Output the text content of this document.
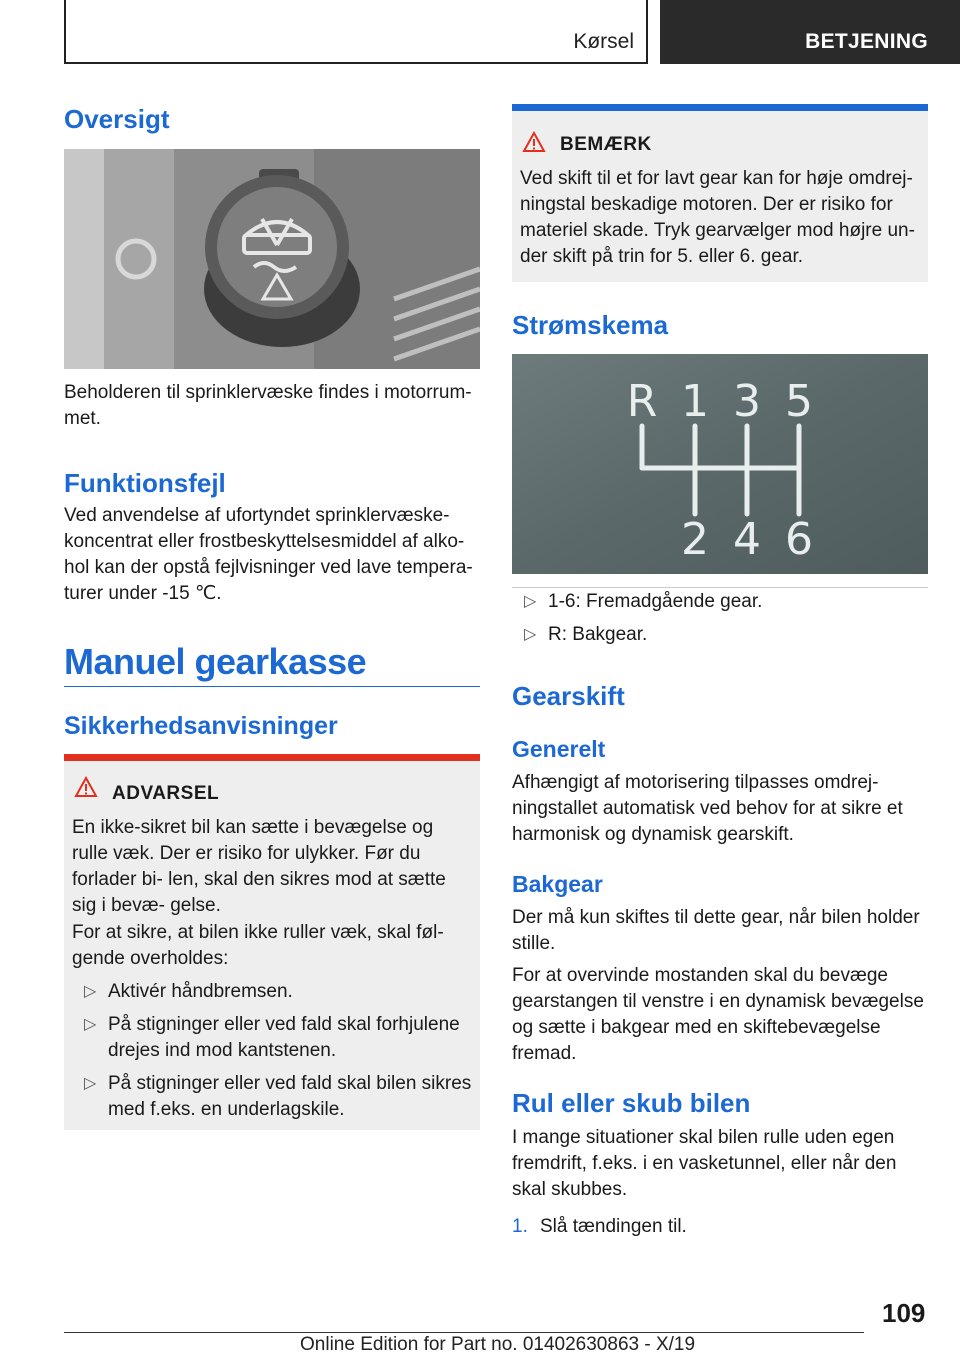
Kørsel	BETJENING
Oversigt
Beholderen til sprinklervæske findes i motorrum- met.
Funktionsfejl
Ved anvendelse af ufortyndet sprinklervæske- koncentrat eller frostbeskyttelsesmiddel af alko- hol kan der opstå fejlvisninger ved lave tempera- turer under -15 ℃.
Manuel gearkasse
Sikkerhedsanvisninger
ADVARSEL
En ikke-sikret bil kan sætte i bevægelse og rulle væk. Der er risiko for ulykker. Før du forlader bi- len, skal den sikres mod at sætte sig i bevæ- gelse.
For at sikre, at bilen ikke ruller væk, skal føl- gende overholdes:
▷ Aktivér håndbremsen.
▷ På stigninger eller ved fald skal forhjulene drejes ind mod kantstenen.
▷ På stigninger eller ved fald skal bilen sikres med f.eks. en underlagskile.
BEMÆRK
Ved skift til et for lavt gear kan for høje omdrej- ningstal beskadige motoren. Der er risiko for materiel skade. Tryk gearvælger mod højre un- der skift på trin for 5. eller 6. gear.
Strømskema
R 1 3 5
2 4 6
▷ 1-6: Fremadgående gear.
▷ R: Bakgear.
Gearskift
Generelt
Afhængigt af motorisering tilpasses omdrej- ningstallet automatisk ved behov for at sikre et harmonisk og dynamisk gearskift.
Bakgear
Der må kun skiftes til dette gear, når bilen holder stille.
For at overvinde mostanden skal du bevæge gearstangen til venstre i en dynamisk bevægelse og sætte i bakgear med en skiftebevægelse fremad.
Rul eller skub bilen
I mange situationer skal bilen rulle uden egen fremdrift, f.eks. i en vasketunnel, eller når den skal skubbes.
1. Slå tændingen til.
109
Online Edition for Part no. 01402630863 - X/19
